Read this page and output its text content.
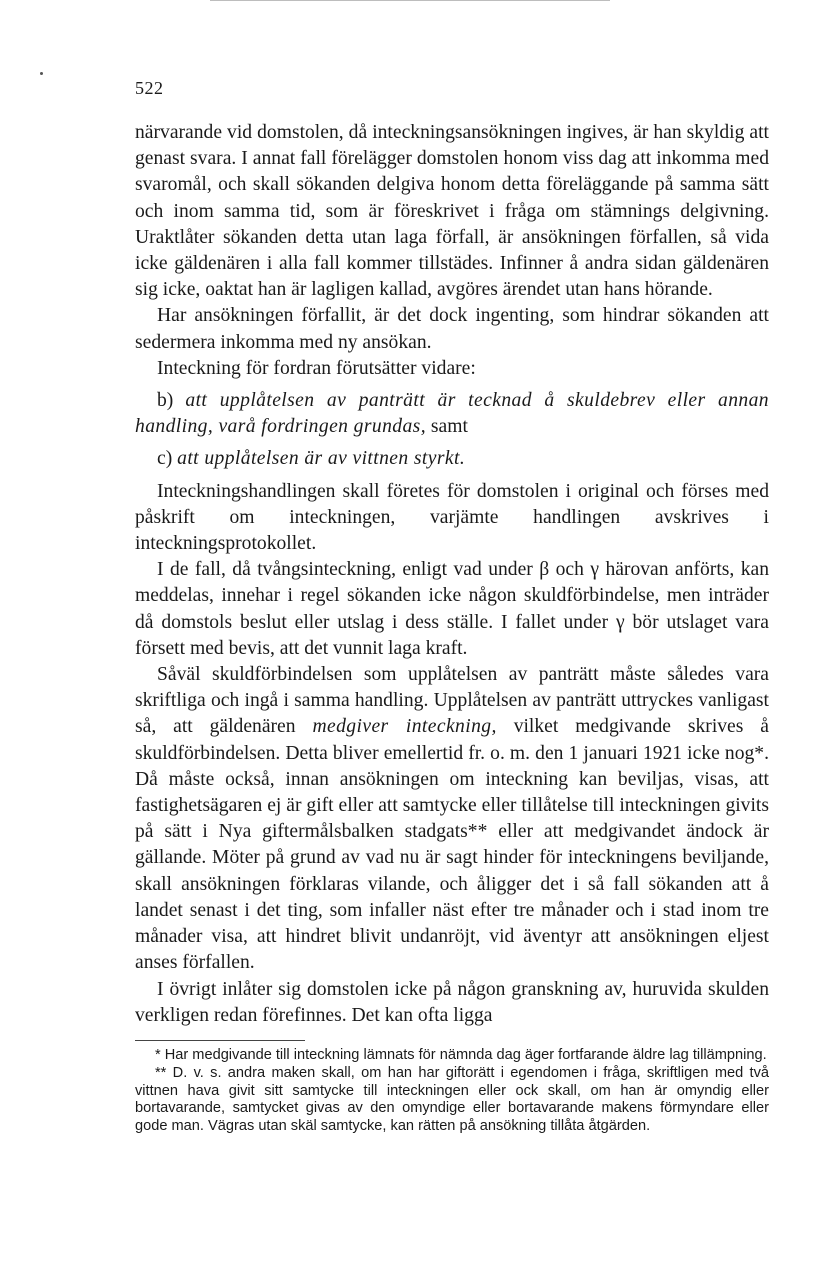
522

närvarande vid domstolen, då inteckningsansökningen ingives, är han skyldig att genast svara. I annat fall förelägger domstolen honom viss dag att inkomma med svaromål, och skall sökanden delgiva honom detta föreläggande på samma sätt och inom samma tid, som är föreskrivet i fråga om stämnings delgivning. Uraktlåter sökanden detta utan laga förfall, är ansökningen förfallen, så vida icke gäldenären i alla fall kommer tillstädes. Infinner å andra sidan gäldenären sig icke, oaktat han är lagligen kallad, avgöres ärendet utan hans hörande.

Har ansökningen förfallit, är det dock ingenting, som hindrar sökanden att sedermera inkomma med ny ansökan.

Inteckning för fordran förutsätter vidare:

b) att upplåtelsen av panträtt är tecknad å skuldebrev eller annan handling, varå fordringen grundas, samt

c) att upplåtelsen är av vittnen styrkt.

Inteckningshandlingen skall företes för domstolen i original och förses med påskrift om inteckningen, varjämte handlingen avskrives i inteckningsprotokollet.

I de fall, då tvångsinteckning, enligt vad under β och γ härovan anförts, kan meddelas, innehar i regel sökanden icke någon skuldförbindelse, men inträder då domstols beslut eller utslag i dess ställe. I fallet under γ bör utslaget vara försett med bevis, att det vunnit laga kraft.

Såväl skuldförbindelsen som upplåtelsen av panträtt måste således vara skriftliga och ingå i samma handling. Upplåtelsen av panträtt uttryckes vanligast så, att gäldenären medgiver inteckning, vilket medgivande skrives å skuldförbindelsen. Detta bliver emellertid fr. o. m. den 1 januari 1921 icke nog*. Då måste också, innan ansökningen om inteckning kan beviljas, visas, att fastighetsägaren ej är gift eller att samtycke eller tillåtelse till inteckningen givits på sätt i Nya giftermålsbalken stadgats** eller att medgivandet ändock är gällande. Möter på grund av vad nu är sagt hinder för inteckningens beviljande, skall ansökningen förklaras vilande, och åligger det i så fall sökanden att å landet senast i det ting, som infaller näst efter tre månader och i stad inom tre månader visa, att hindret blivit undanröjt, vid äventyr att ansökningen eljest anses förfallen.

I övrigt inlåter sig domstolen icke på någon granskning av, huruvida skulden verkligen redan förefinnes. Det kan ofta ligga

* Har medgivande till inteckning lämnats för nämnda dag äger fortfarande äldre lag tillämpning.

** D. v. s. andra maken skall, om han har giftorätt i egendomen i fråga, skriftligen med två vittnen hava givit sitt samtycke till inteckningen eller ock skall, om han är omyndig eller bortavarande, samtycket givas av den omyndige eller bortavarande makens förmyndare eller gode man. Vägras utan skäl samtycke, kan rätten på ansökning tillåta åtgärden.
